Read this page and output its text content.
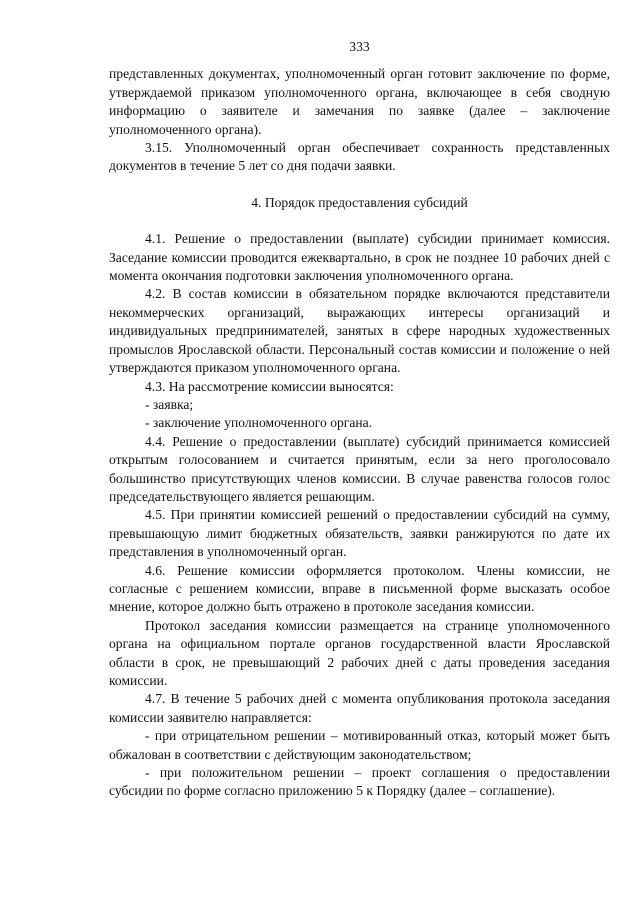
333

представленных документах, уполномоченный орган готовит заключение по форме, утверждаемой приказом уполномоченного органа, включающее в себя сводную информацию о заявителе и замечания по заявке (далее – заключение уполномоченного органа).

3.15. Уполномоченный орган обеспечивает сохранность представленных документов в течение 5 лет со дня подачи заявки.

4. Порядок предоставления субсидий

4.1. Решение о предоставлении (выплате) субсидии принимает комиссия. Заседание комиссии проводится ежеквартально, в срок не позднее 10 рабочих дней с момента окончания подготовки заключения уполномоченного органа.

4.2. В состав комиссии в обязательном порядке включаются представители некоммерческих организаций, выражающих интересы организаций и индивидуальных предпринимателей, занятых в сфере народных художественных промыслов Ярославской области. Персональный состав комиссии и положение о ней утверждаются приказом уполномоченного органа.

4.3. На рассмотрение комиссии выносятся:

- заявка;

- заключение уполномоченного органа.

4.4. Решение о предоставлении (выплате) субсидий принимается комиссией открытым голосованием и считается принятым, если за него проголосовало большинство присутствующих членов комиссии. В случае равенства голосов голос председательствующего является решающим.

4.5. При принятии комиссией решений о предоставлении субсидий на сумму, превышающую лимит бюджетных обязательств, заявки ранжируются по дате их представления в уполномоченный орган.

4.6. Решение комиссии оформляется протоколом. Члены комиссии, не согласные с решением комиссии, вправе в письменной форме высказать особое мнение, которое должно быть отражено в протоколе заседания комиссии.

Протокол заседания комиссии размещается на странице уполномоченного органа на официальном портале органов государственной власти Ярославской области в срок, не превышающий 2 рабочих дней с даты проведения заседания комиссии.

4.7. В течение 5 рабочих дней с момента опубликования протокола заседания комиссии заявителю направляется:

- при отрицательном решении – мотивированный отказ, который может быть обжалован в соответствии с действующим законодательством;

- при положительном решении – проект соглашения о предоставлении субсидии по форме согласно приложению 5 к Порядку (далее – соглашение).
